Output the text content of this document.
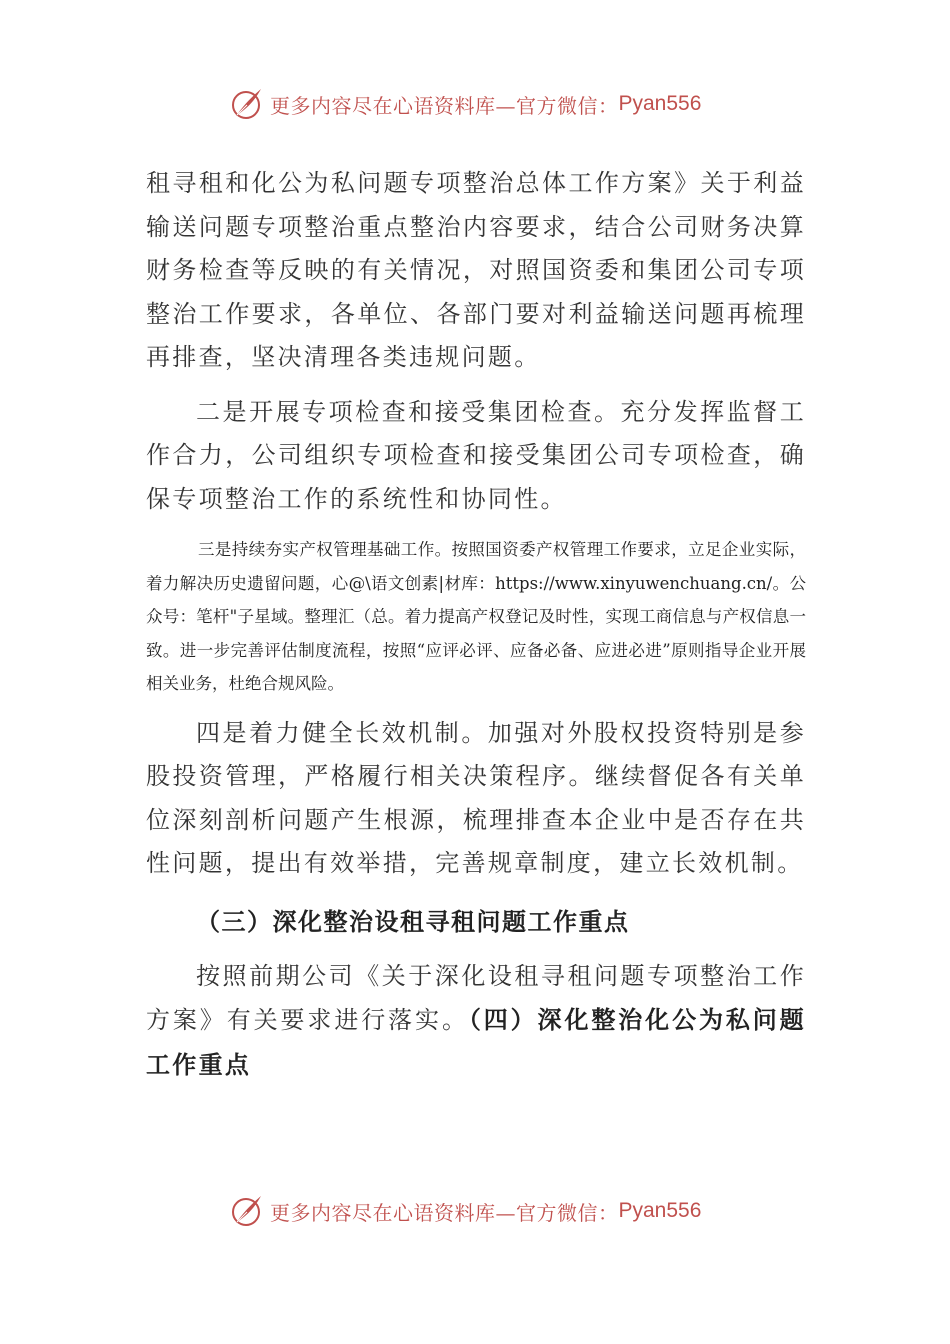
更多内容尽在心语资料库—官方微信： Pyan556

租寻租和化公为私问题专项整治总体工作方案》关于利益输送问题专项整治重点整治内容要求，结合公司财务决算财务检查等反映的有关情况，对照国资委和集团公司专项整治工作要求，各单位、各部门要对利益输送问题再梳理再排查，坚决清理各类违规问题。

二是开展专项检查和接受集团检查。充分发挥监督工作合力，公司组织专项检查和接受集团公司专项检查，确保专项整治工作的系统性和协同性。

三是持续夯实产权管理基础工作。按照国资委产权管理工作要求，立足企业实际，着力解决历史遗留问题，心@\语文创素|材库：https://www.xinyuwenchuang.cn/。公众号：笔杆"子星域。整理汇（总。着力提高产权登记及时性，实现工商信息与产权信息一致。进一步完善评估制度流程，按照“应评必评、应备必备、应进必进”原则指导企业开展相关业务，杜绝合规风险。

四是着力健全长效机制。加强对外股权投资特别是参股投资管理，严格履行相关决策程序。继续督促各有关单位深刻剖析问题产生根源，梳理排查本企业中是否存在共性问题，提出有效举措，完善规章制度，建立长效机制。

（三）深化整治设租寻租问题工作重点

按照前期公司《关于深化设租寻租问题专项整治工作方案》有关要求进行落实。（四）深化整治化公为私问题工作重点

更多内容尽在心语资料库—官方微信： Pyan556
